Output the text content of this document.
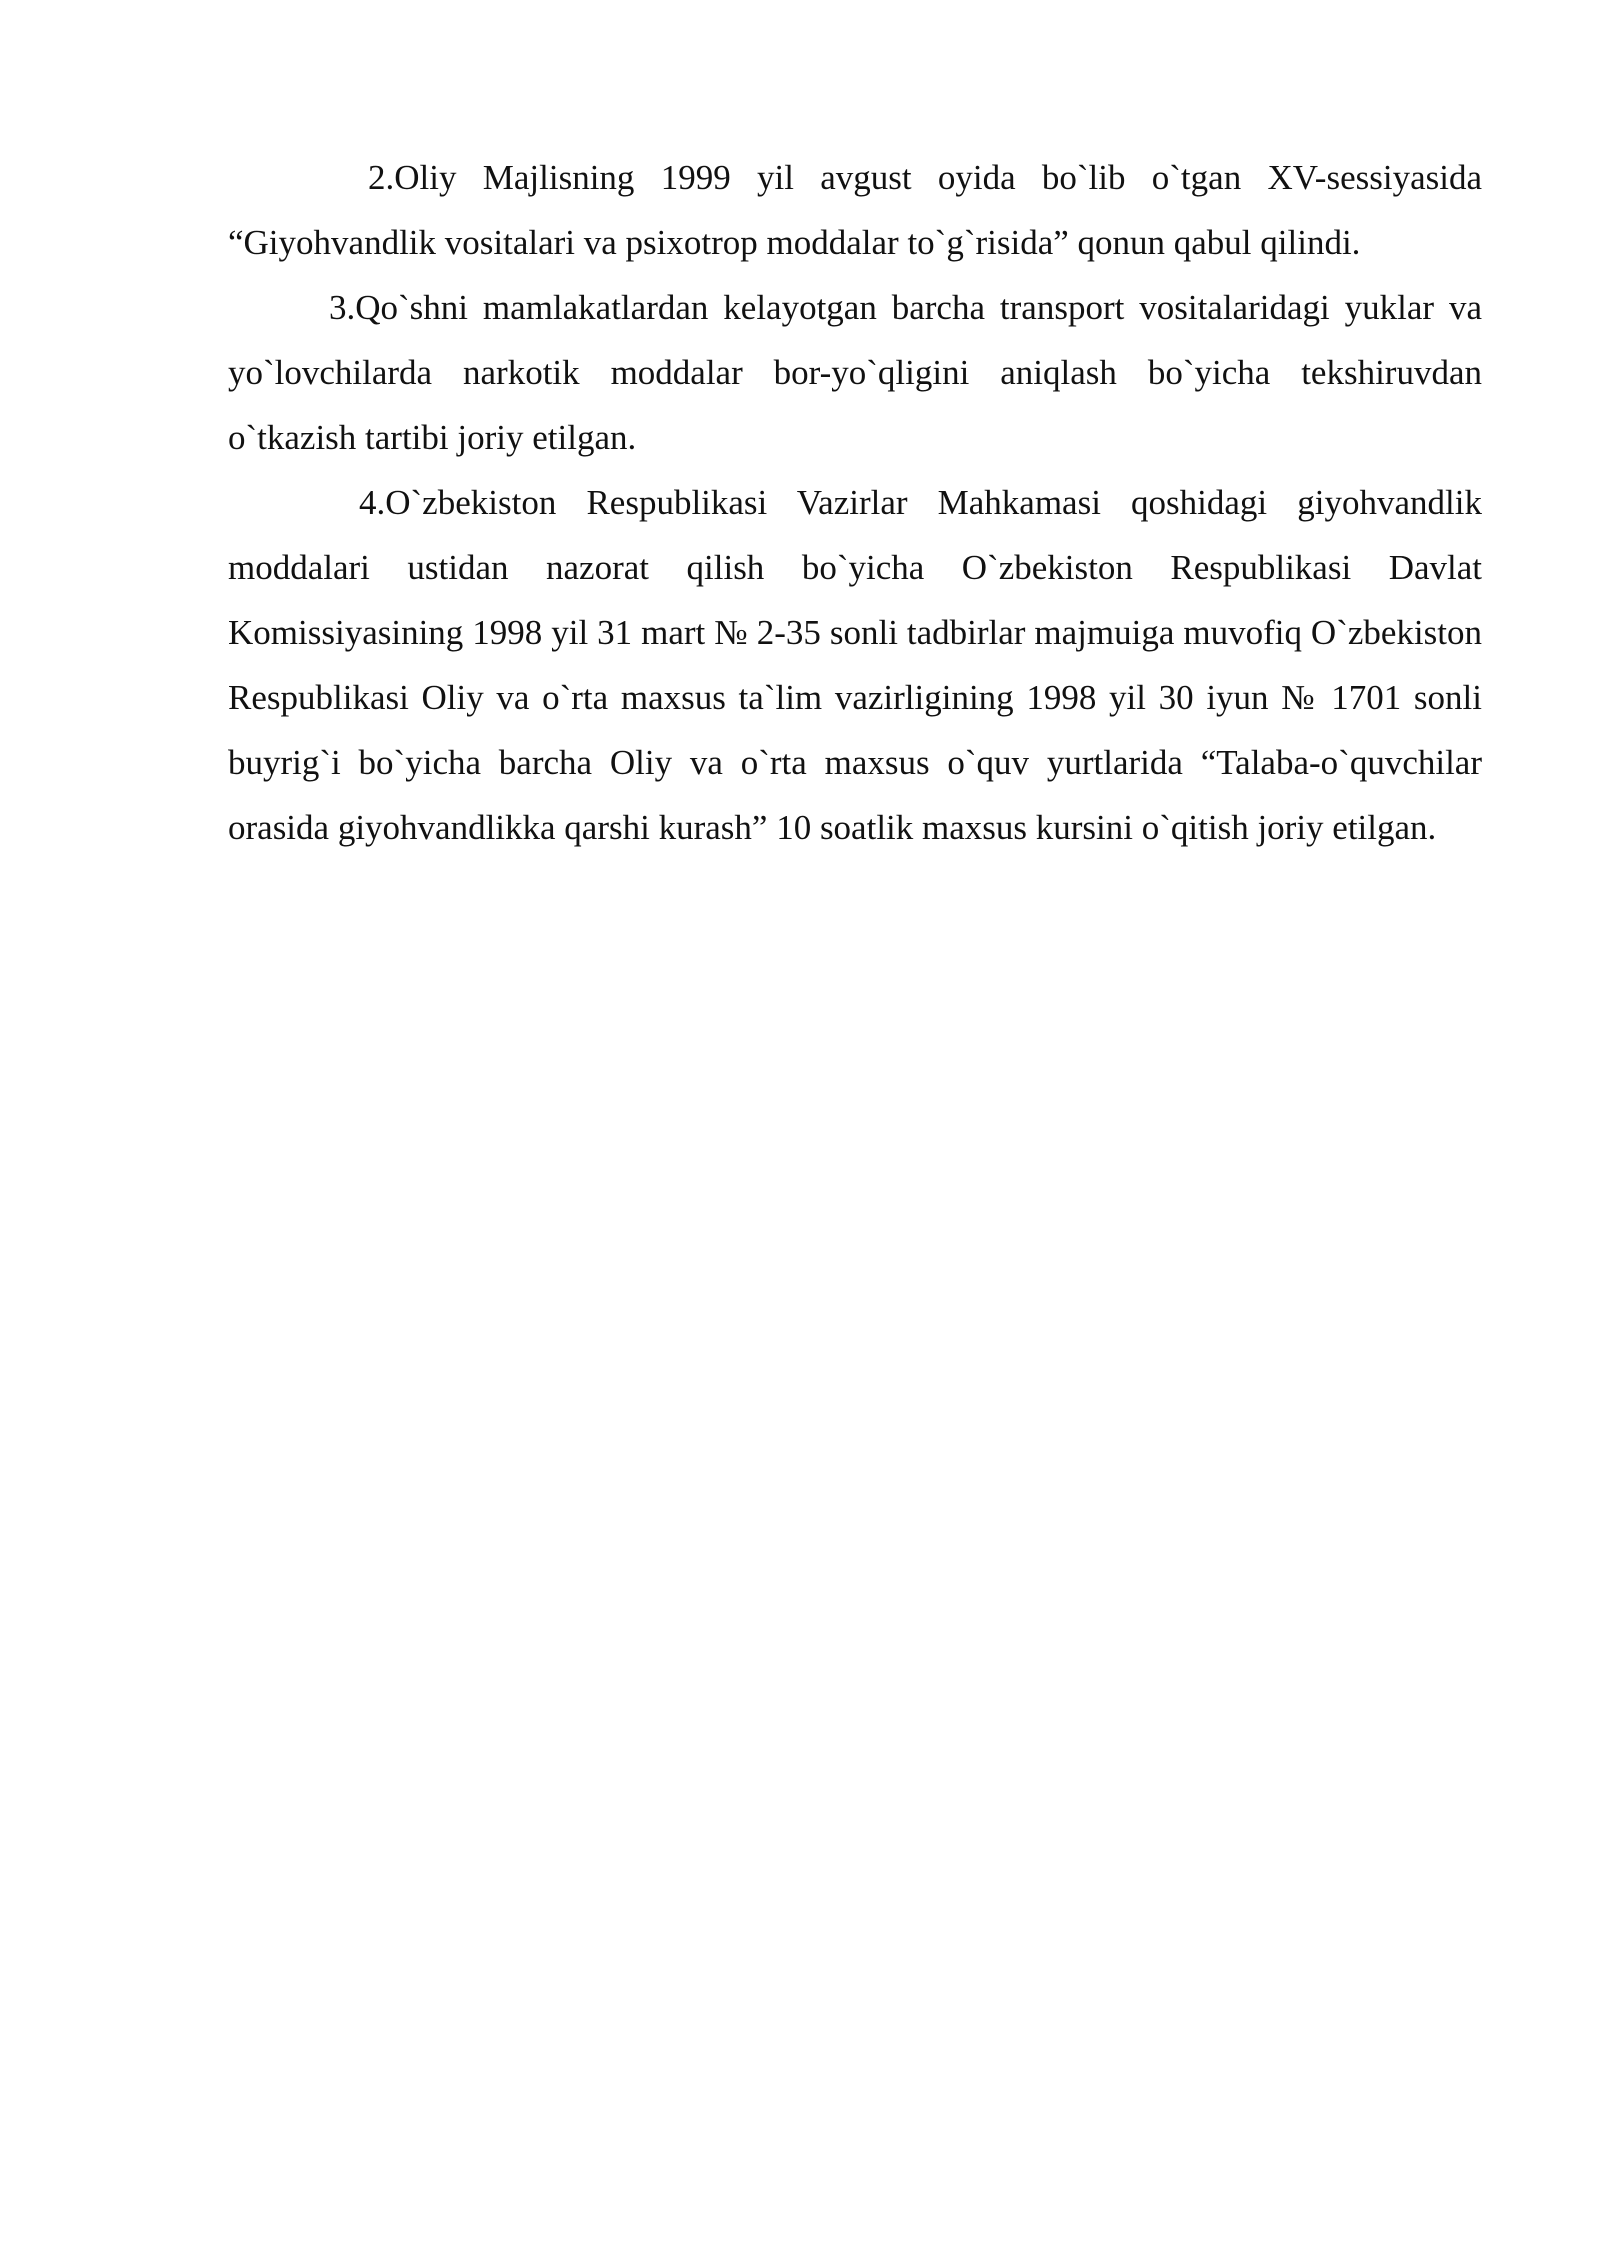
2.Oliy Majlisning 1999 yil avgust oyida bo`lib o`tgan XV-sessiyasida “Giyohvandlik vositalari va psixotrop moddalar to`g`risida” qonun qabul qilindi.

3.Qo`shni mamlakatlardan kelayotgan barcha transport vositalaridagi yuklar va yo`lovchilarda narkotik moddalar bor-yo`qligini aniqlash bo`yicha tekshiruvdan o`tkazish tartibi joriy etilgan.

4.O`zbekiston Respublikasi Vazirlar Mahkamasi qoshidagi giyohvandlik moddalari ustidan nazorat qilish bo`yicha O`zbekiston Respublikasi Davlat Komissiyasining 1998 yil 31 mart № 2-35 sonli tadbirlar majmuiga muvofiq O`zbekiston Respublikasi Oliy va o`rta maxsus ta`lim vazirligining 1998 yil 30 iyun № 1701 sonli buyrig`i bo`yicha barcha Oliy va o`rta maxsus o`quv yurtlarida “Talaba-o`quvchilar orasida giyohvandlikka qarshi kurash” 10 soatlik maxsus kursini o`qitish joriy etilgan.
